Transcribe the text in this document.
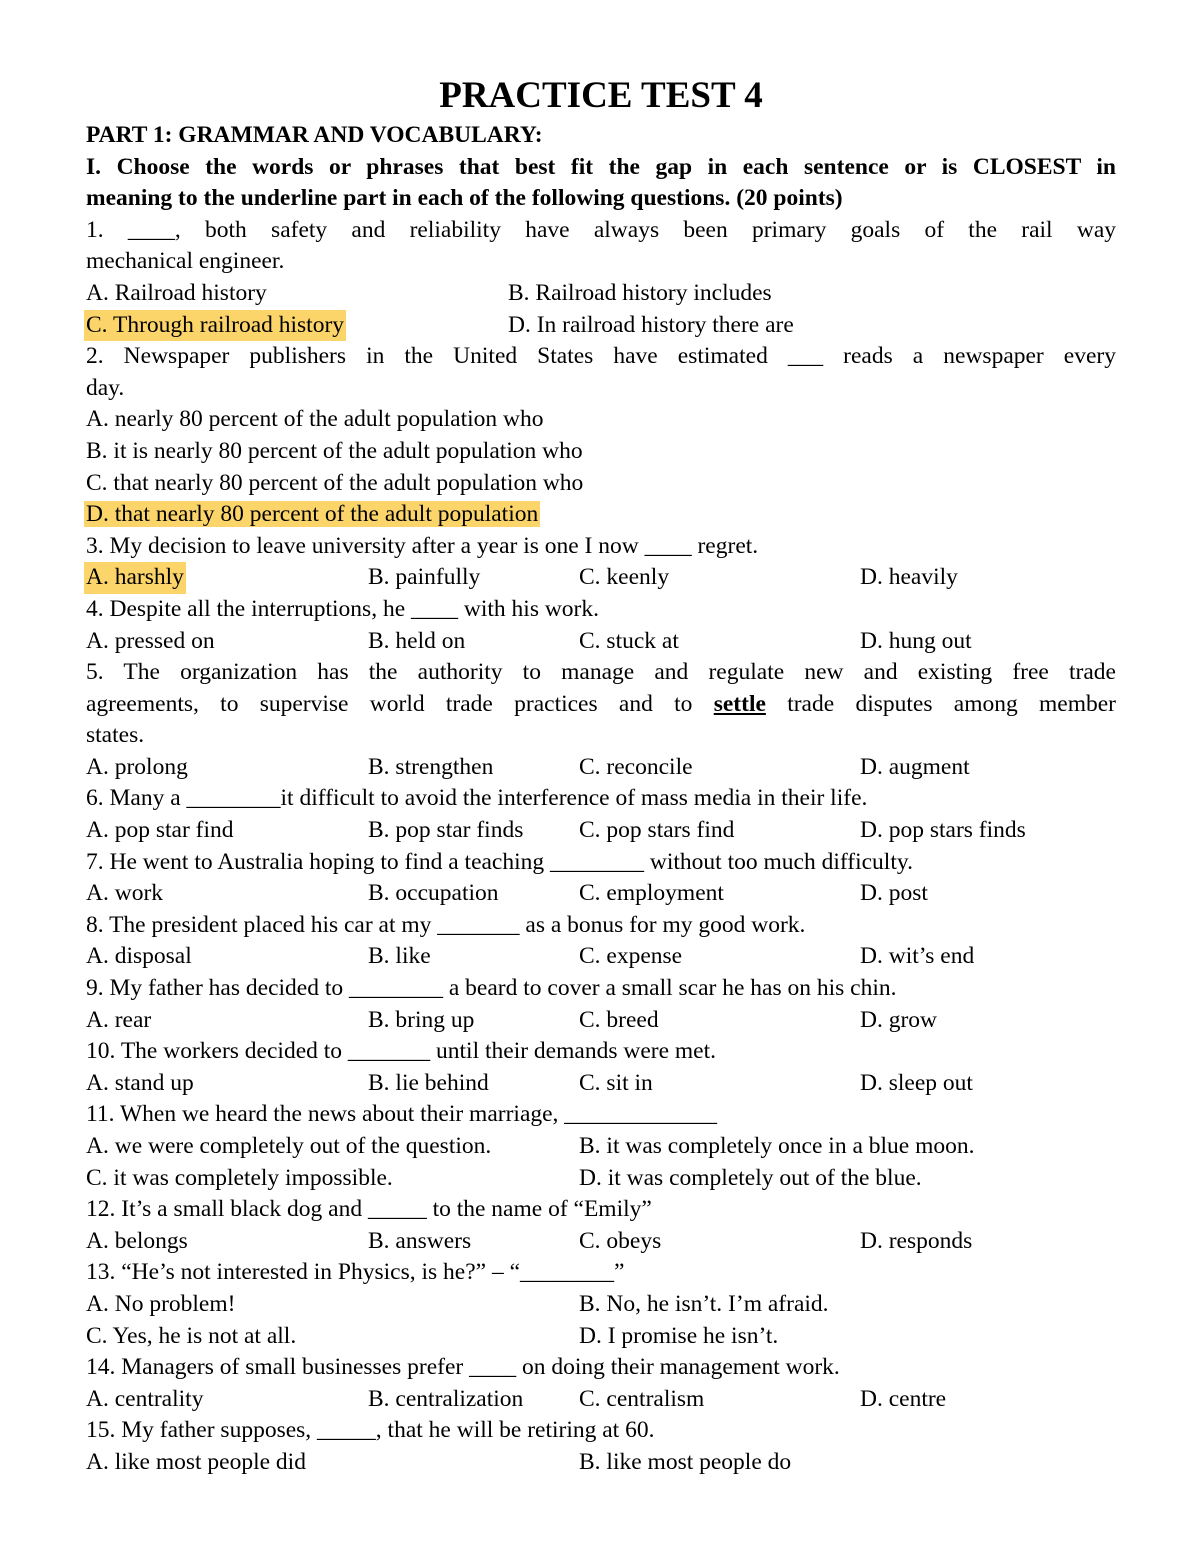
PRACTICE TEST 4
PART 1: GRAMMAR AND VOCABULARY:
I. Choose the words or phrases that best fit the gap in each sentence or is CLOSEST in
meaning to the underline part in each of the following questions. (20 points)
1. ____, both safety and reliability have always been primary goals of the rail way
mechanical engineer.
A. Railroad history	B. Railroad history includes
C. Through railroad history	D. In railroad history there are
2. Newspaper publishers in the United States have estimated ___ reads a newspaper every
day.
A. nearly 80 percent of the adult population who
B. it is nearly 80 percent of the adult population who
C. that nearly 80 percent of the adult population who
D. that nearly 80 percent of the adult population
3. My decision to leave university after a year is one I now ____ regret.
A. harshly	B. painfully	C. keenly	D. heavily
4. Despite all the interruptions, he ____ with his work.
A. pressed on	B. held on	C. stuck at	D. hung out
5. The organization has the authority to manage and regulate new and existing free trade
agreements, to supervise world trade practices and to settle trade disputes among member
states.
A. prolong	B. strengthen	C. reconcile	D. augment
6. Many a ________it difficult to avoid the interference of mass media in their life.
A. pop star find	B. pop star finds C. pop stars find	D. pop stars finds
7. He went to Australia hoping to find a teaching ________ without too much difficulty.
A. work	B. occupation	C. employment	D. post
8. The president placed his car at my _______ as a bonus for my good work.
A. disposal	B. like	C. expense	D. wit’s end
9. My father has decided to ________ a beard to cover a small scar he has on his chin.
A. rear	B. bring up	C. breed	D. grow
10. The workers decided to _______ until their demands were met.
A. stand up	B. lie behind	C. sit in	D. sleep out
11. When we heard the news about their marriage, _____________
A. we were completely out of the question.	B. it was completely once in a blue moon.
C. it was completely impossible.	D. it was completely out of the blue.
12. It’s a small black dog and _____ to the name of “Emily”
A. belongs	B. answers	C. obeys	D. responds
13. “He’s not interested in Physics, is he?” – “________”
A. No problem!	B. No, he isn’t. I’m afraid.
C. Yes, he is not at all.	D. I promise he isn’t.
14. Managers of small businesses prefer ____ on doing their management work.
A. centrality	B. centralization C. centralism	D. centre
15. My father supposes, _____, that he will be retiring at 60.
A. like most people did	B. like most people do
